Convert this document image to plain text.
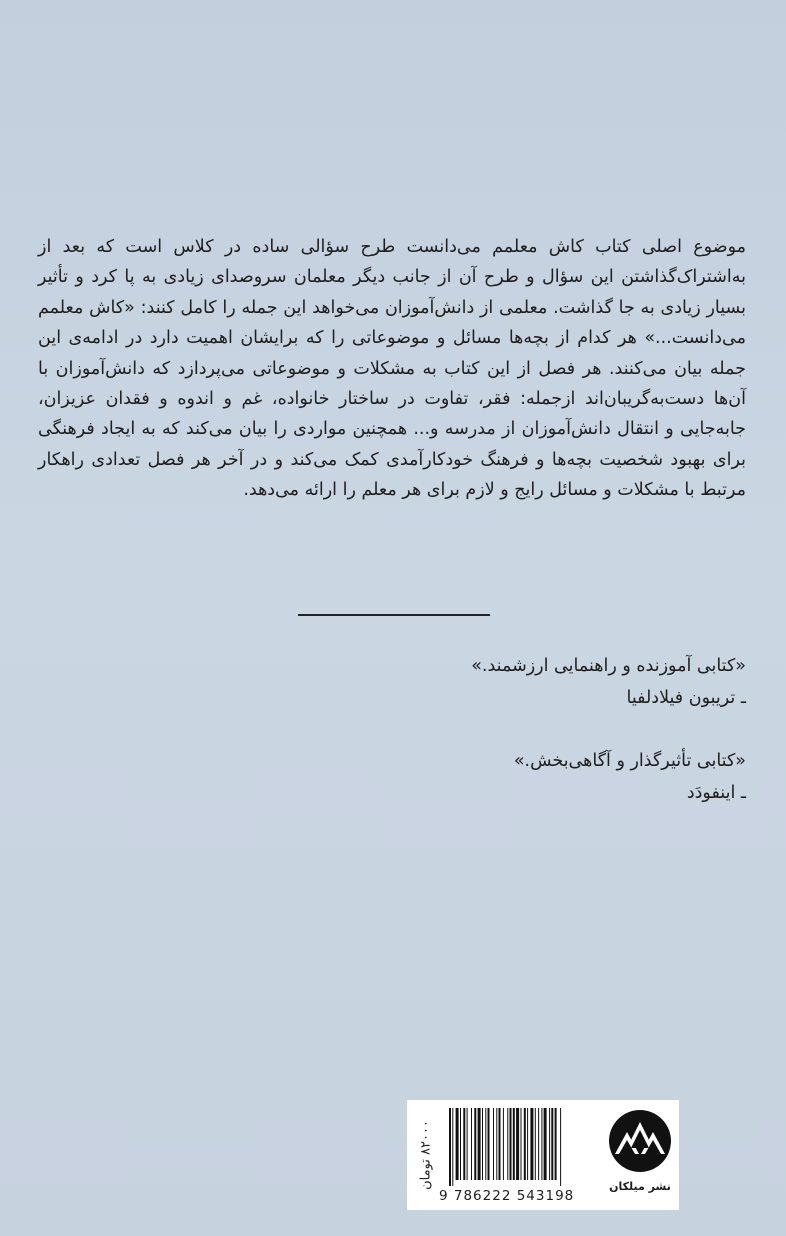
موضوع اصلی کتاب کاش معلمم می‌دانست طرح سؤالی ساده در کلاس است که بعد از به‌اشتراک‌گذاشتن این سؤال و طرح آن از جانب دیگر معلمان سروصدای زیادی به پا کرد و تأثیر بسیار زیادی به جا گذاشت. معلمی از دانش‌آموزان می‌خواهد این جمله را کامل کنند: «کاش معلمم می‌دانست...» هر کدام از بچه‌ها مسائل و موضوعاتی را که برایشان اهمیت دارد در ادامه‌ی این جمله بیان می‌کنند. هر فصل از این کتاب به مشکلات و موضوعاتی می‌پردازد که دانش‌آموزان با آن‌ها دست‌به‌گریبان‌اند ازجمله: فقر، تفاوت در ساختار خانواده، غم و اندوه و فقدان عزیزان، جابه‌جایی و انتقال دانش‌آموزان از مدرسه و... همچنین مواردی را بیان می‌کند که به ایجاد فرهنگی برای بهبود شخصیت بچه‌ها و فرهنگ خودکارآمدی کمک می‌کند و در آخر هر فصل تعدادی راهکار مرتبط با مشکلات و مسائل رایج و لازم برای هر معلم را ارائه می‌دهد.

«کتابی آموزنده و راهنمایی ارزشمند.»
ـ تریبون فیلادلفیا
«کتابی تأثیرگذار و آگاهی‌بخش.»
ـ اینفودَد
۸۲۰۰۰ تومان
9 786222 543198
نشر میلکان
